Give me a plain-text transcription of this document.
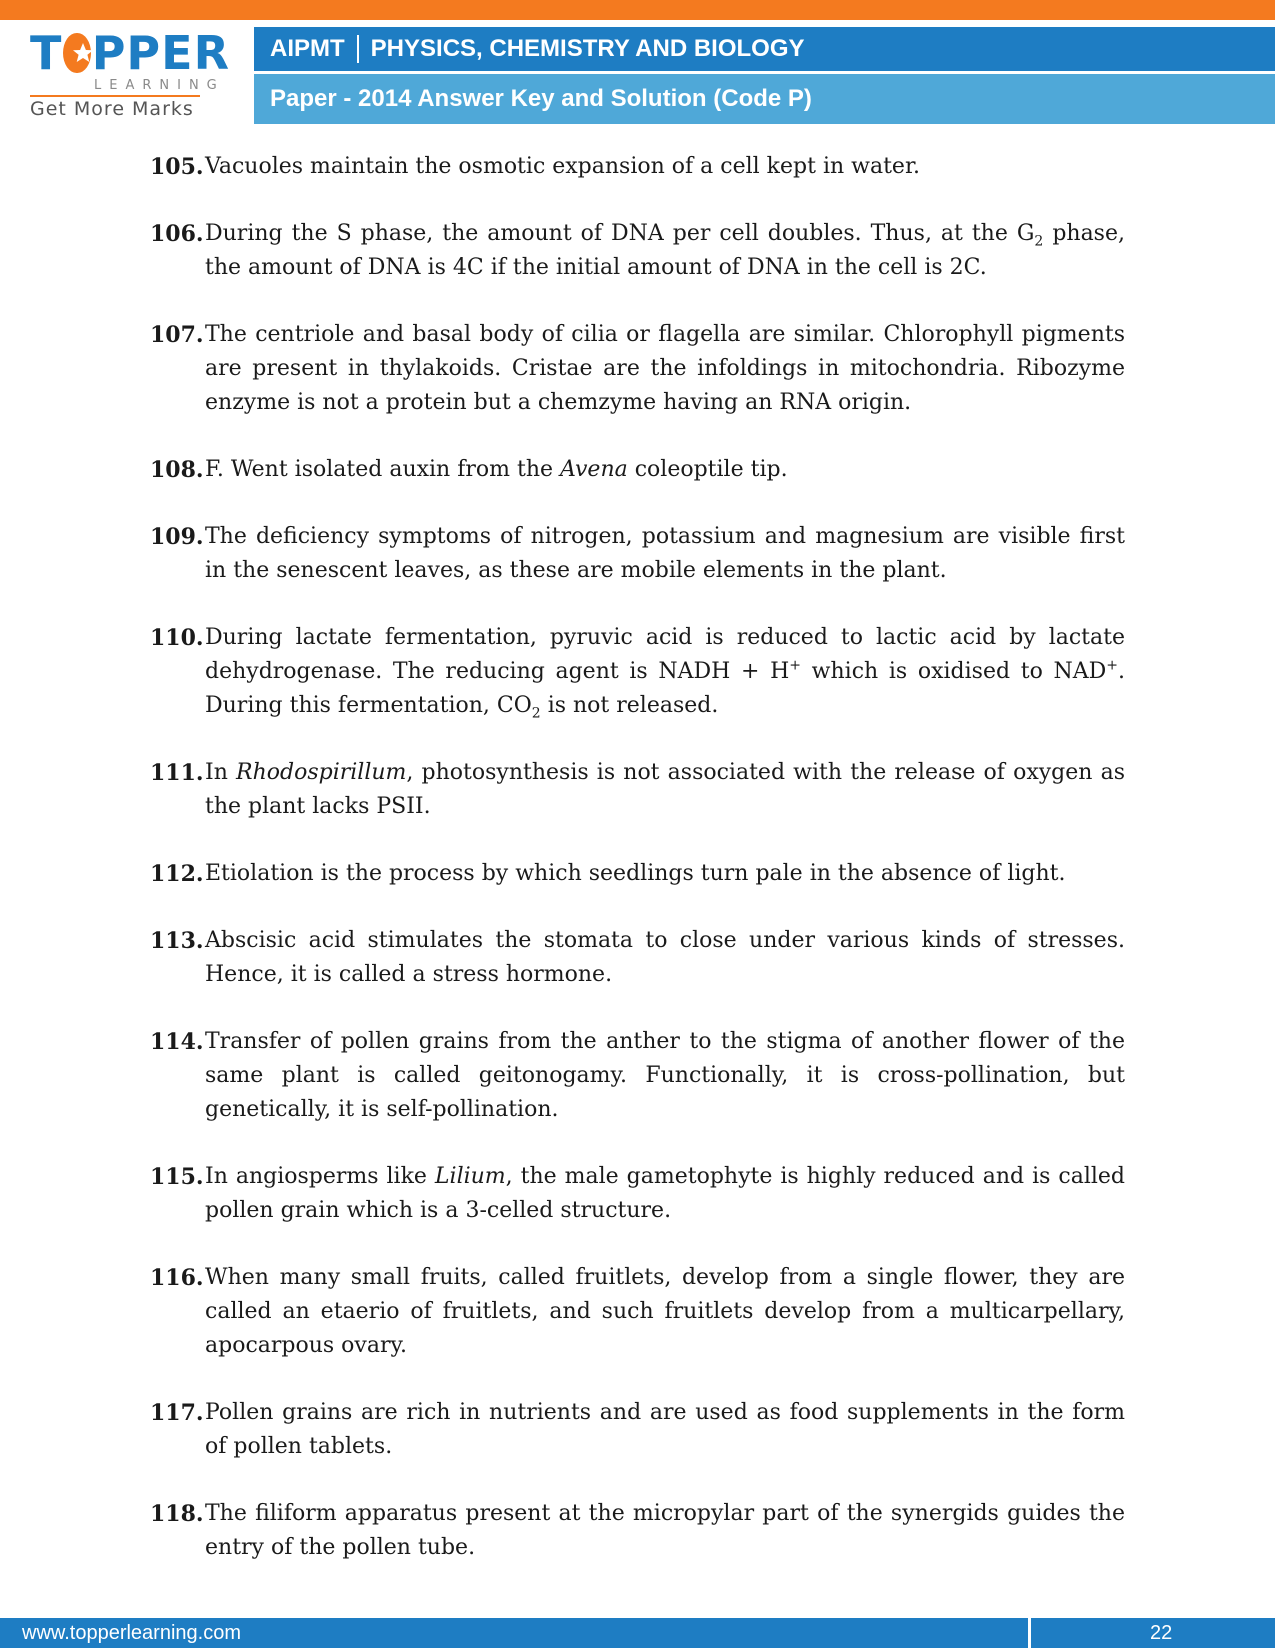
T PPER
LEARNING
Get More Marks
AIPMT PHYSICS, CHEMISTRY AND BIOLOGY
Paper - 2014 Answer Key and Solution (Code P)
105. Vacuoles maintain the osmotic expansion of a cell kept in water.
106. During the S phase, the amount of DNA per cell doubles. Thus, at the $G_2$ phase, the amount of DNA is 4C if the initial amount of DNA in the cell is 2C.
107. The centriole and basal body of cilia or flagella are similar. Chlorophyll pigments are present in thylakoids. Cristae are the infoldings in mitochondria. Ribozyme enzyme is not a protein but a chemzyme having an RNA origin.
108. F. Went isolated auxin from the Avena coleoptile tip.
109. The deficiency symptoms of nitrogen, potassium and magnesium are visible first in the senescent leaves, as these are mobile elements in the plant.
110. During lactate fermentation, pyruvic acid is reduced to lactic acid by lactate dehydrogenase. The reducing agent is NADH + H+ which is oxidised to NAD+. During this fermentation, $CO_2$ is not released.
111. In Rhodospirillum, photosynthesis is not associated with the release of oxygen as the plant lacks PSII.
112. Etiolation is the process by which seedlings turn pale in the absence of light.
113. Abscisic acid stimulates the stomata to close under various kinds of stresses. Hence, it is called a stress hormone.
114. Transfer of pollen grains from the anther to the stigma of another flower of the same plant is called geitonogamy. Functionally, it is cross-pollination, but genetically, it is self-pollination.
115. In angiosperms like Lilium, the male gametophyte is highly reduced and is called pollen grain which is a 3-celled structure.
116. When many small fruits, called fruitlets, develop from a single flower, they are called an etaerio of fruitlets, and such fruitlets develop from a multicarpellary, apocarpous ovary.
117. Pollen grains are rich in nutrients and are used as food supplements in the form of pollen tablets.
118. The filiform apparatus present at the micropylar part of the synergids guides the entry of the pollen tube.
www.topperlearning.com	22
